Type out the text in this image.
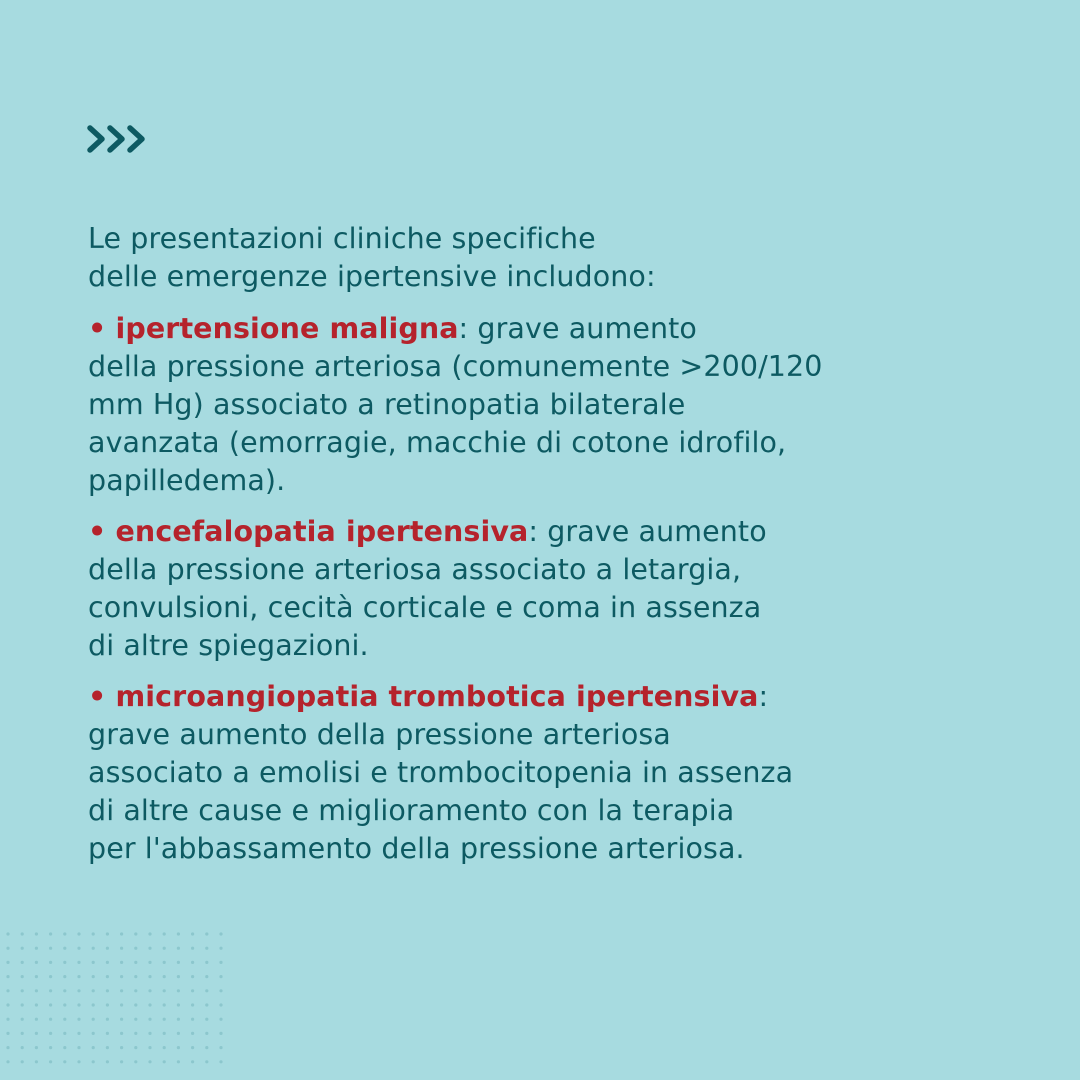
Le presentazioni cliniche specifiche
delle emergenze ipertensive includono:
• ipertensione maligna: grave aumento
della pressione arteriosa (comunemente >200/120
mm Hg) associato a retinopatia bilaterale
avanzata (emorragie, macchie di cotone idrofilo,
papilledema).
• encefalopatia ipertensiva: grave aumento
della pressione arteriosa associato a letargia,
convulsioni, cecità corticale e coma in assenza
di altre spiegazioni.
• microangiopatia trombotica ipertensiva:
grave aumento della pressione arteriosa
associato a emolisi e trombocitopenia in assenza
di altre cause e miglioramento con la terapia
per l'abbassamento della pressione arteriosa.
